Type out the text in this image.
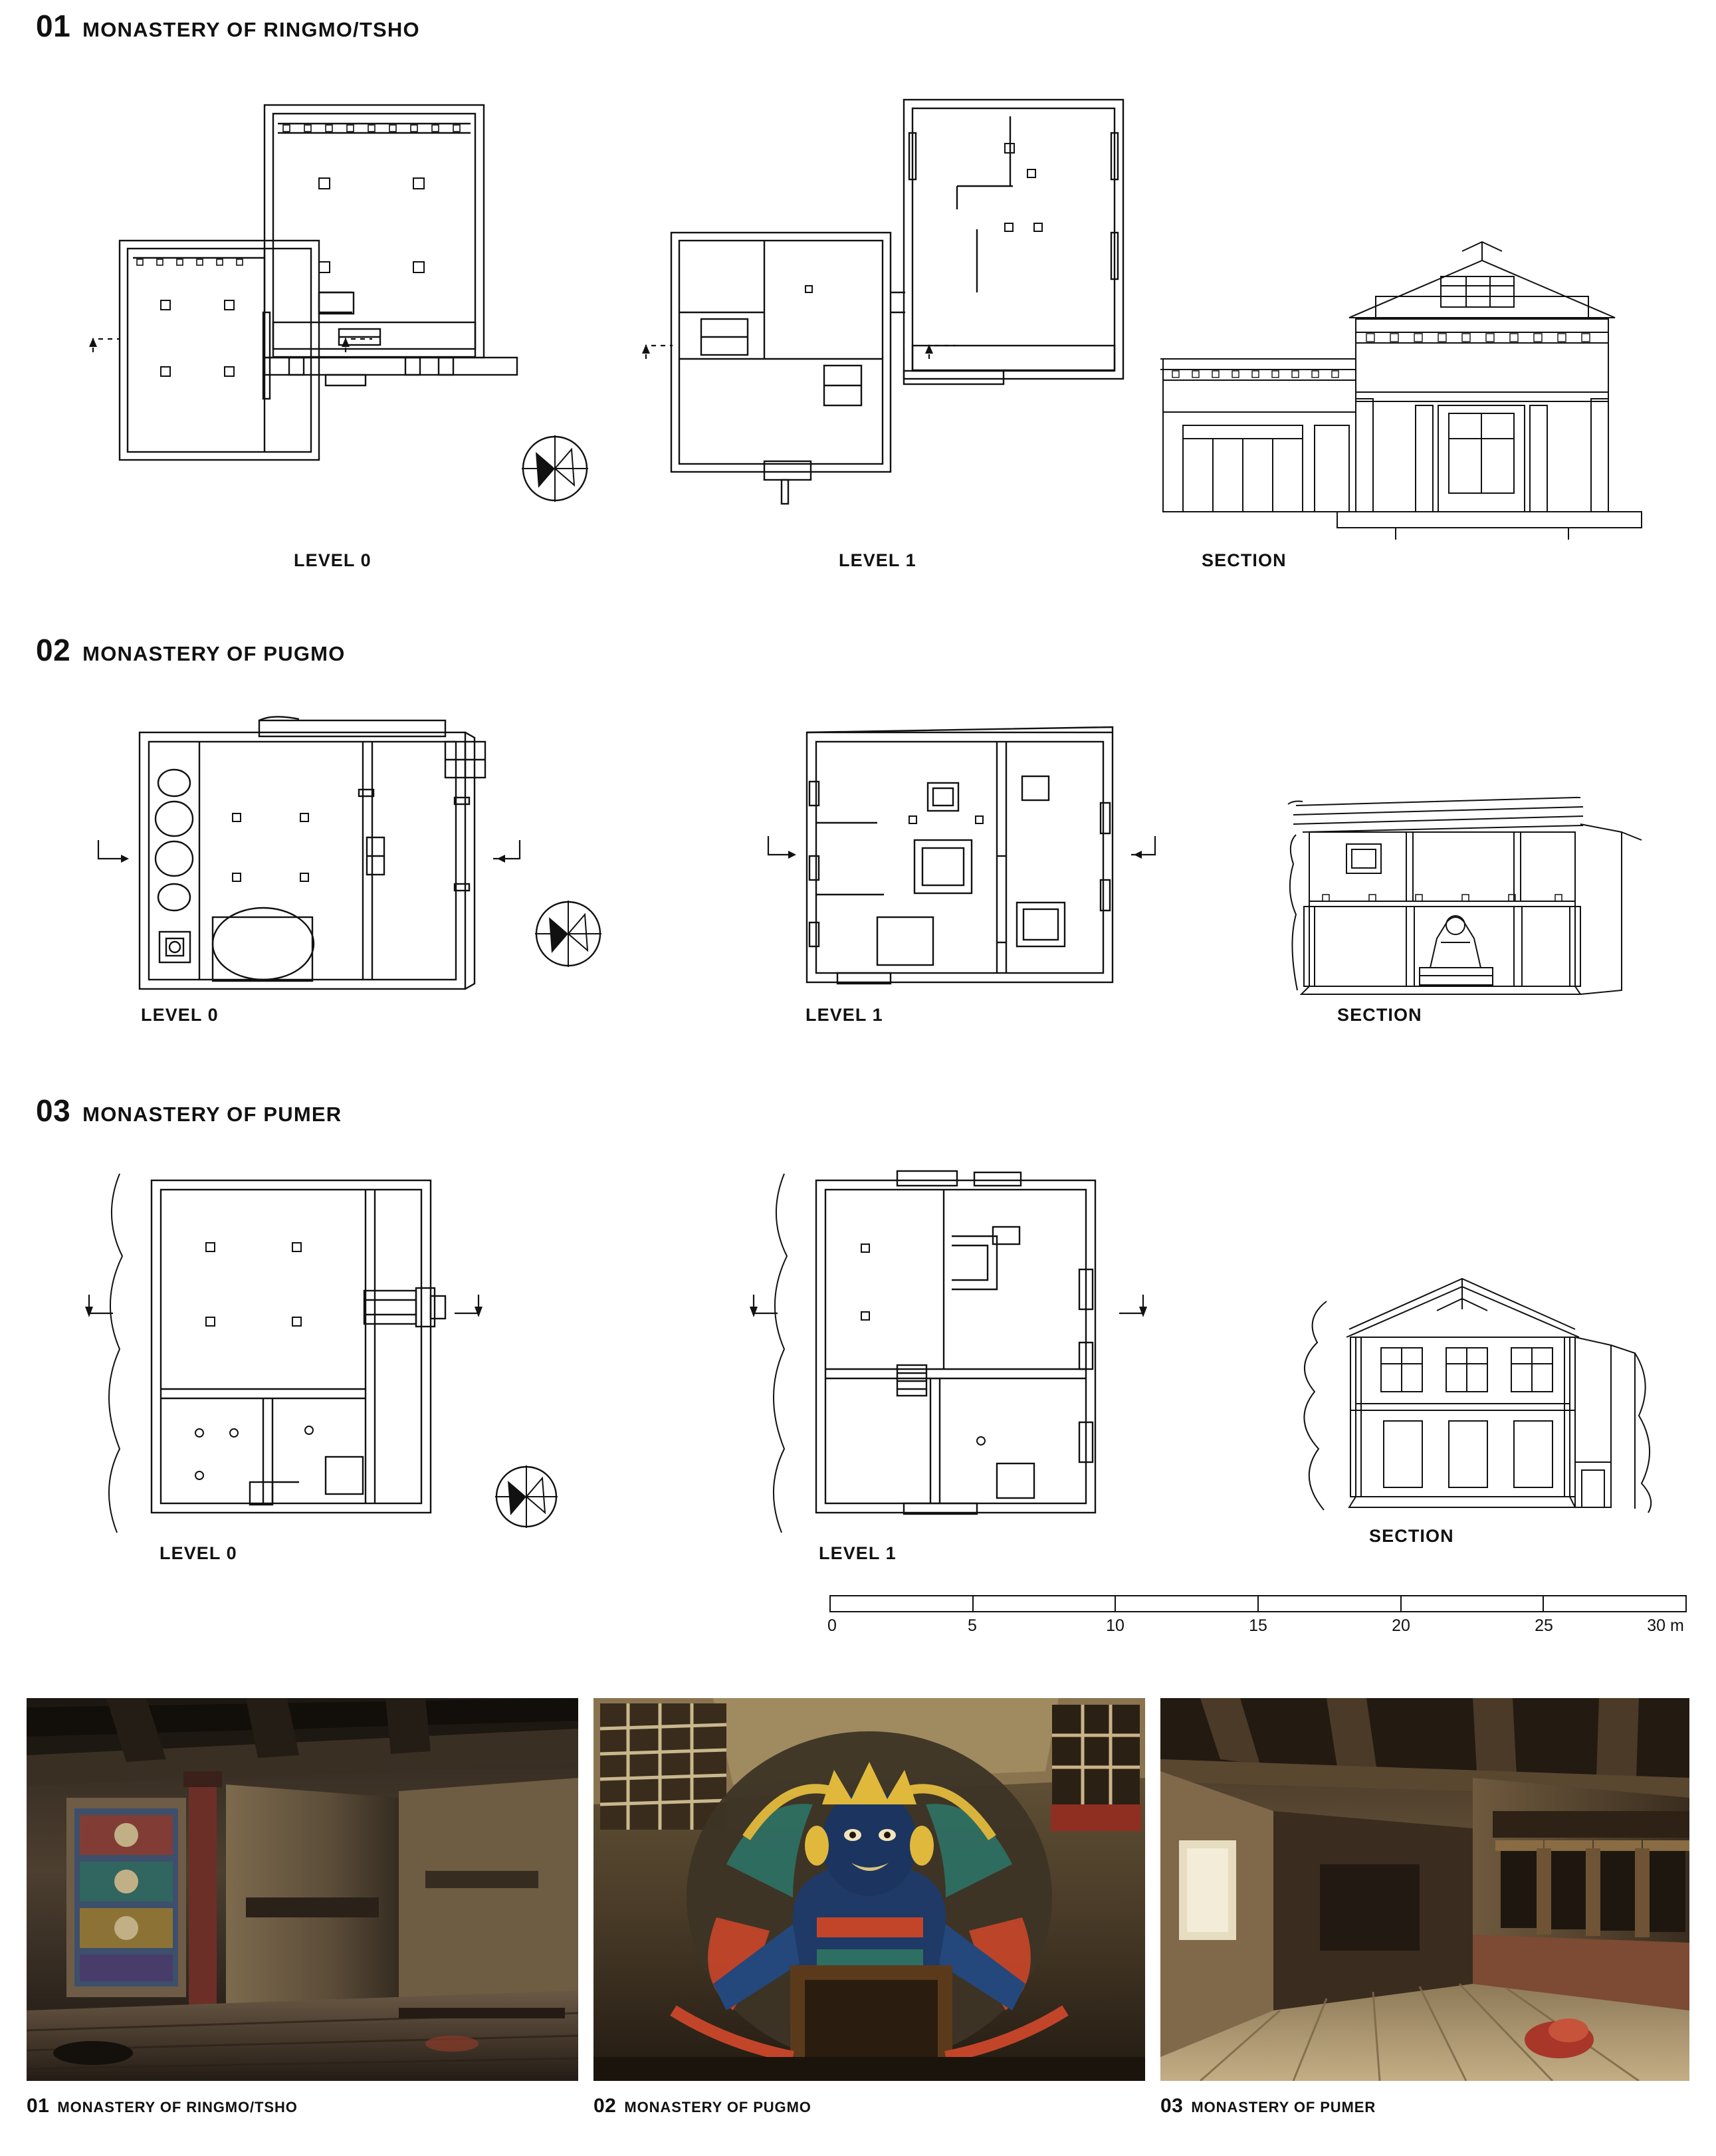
01 MONASTERY OF RINGMO/TSHO
LEVEL 0	LEVEL 1	SECTION
02 MONASTERY OF PUGMO
LEVEL 0	LEVEL 1	SECTION
03 MONASTERY OF PUMER
LEVEL 0	LEVEL 1
SECTION
0	5	10	15	20	25	30 m
01 MONASTERY OF RINGMO/TSHO	02 MONASTERY OF PUGMO	03 MONASTERY OF PUMER
